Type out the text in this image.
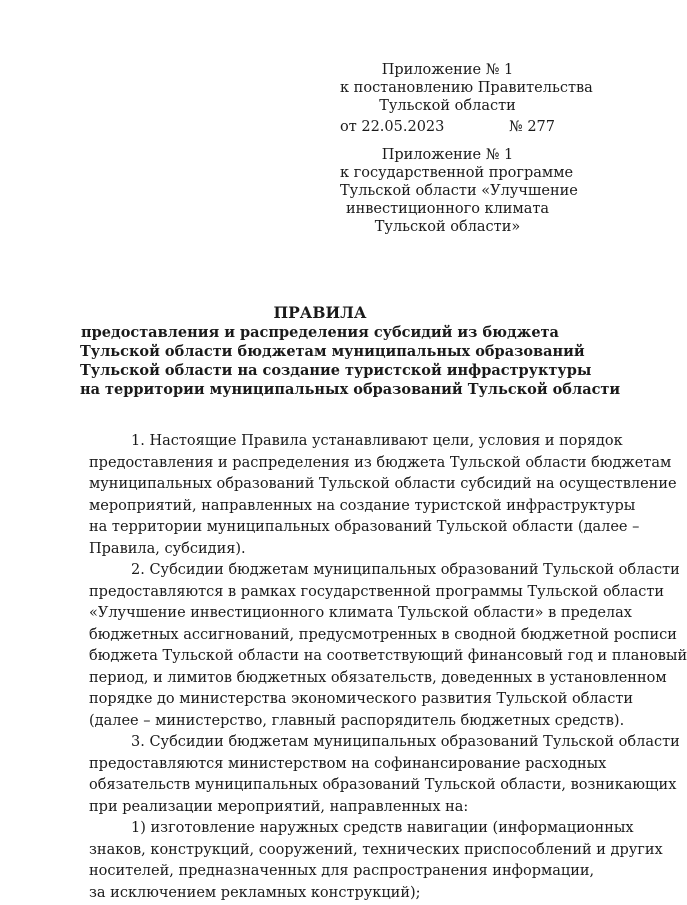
Приложение № 1
к постановлению Правительства
Тульской области
от 22.05.2023	№ 277
Приложение № 1
к государственной программе
Тульской области «Улучшение
инвестиционного климата
Тульской области»
ПРАВИЛА
предоставления и распределения субсидий из бюджета
Тульской области бюджетам муниципальных образований
Тульской области на создание туристской инфраструктуры
на территории муниципальных образований Тульской области
1. Настоящие Правила устанавливают цели, условия и порядок
предоставления и распределения из бюджета Тульской области бюджетам
муниципальных образований Тульской области субсидий на осуществление
мероприятий, направленных на создание туристской инфраструктуры
на территории муниципальных образований Тульской области (далее –
Правила, субсидия).
2. Субсидии бюджетам муниципальных образований Тульской области
предоставляются в рамках государственной программы Тульской области
«Улучшение инвестиционного климата Тульской области» в пределах
бюджетных ассигнований, предусмотренных в сводной бюджетной росписи
бюджета Тульской области на соответствующий финансовый год и плановый
период, и лимитов бюджетных обязательств, доведенных в установленном
порядке до министерства экономического развития Тульской области
(далее – министерство, главный распорядитель бюджетных средств).
3. Субсидии бюджетам муниципальных образований Тульской области
предоставляются министерством на софинансирование расходных
обязательств муниципальных образований Тульской области, возникающих
при реализации мероприятий, направленных на:
1) изготовление наружных средств навигации (информационных
знаков, конструкций, сооружений, технических приспособлений и других
носителей, предназначенных для распространения информации,
за исключением рекламных конструкций);
